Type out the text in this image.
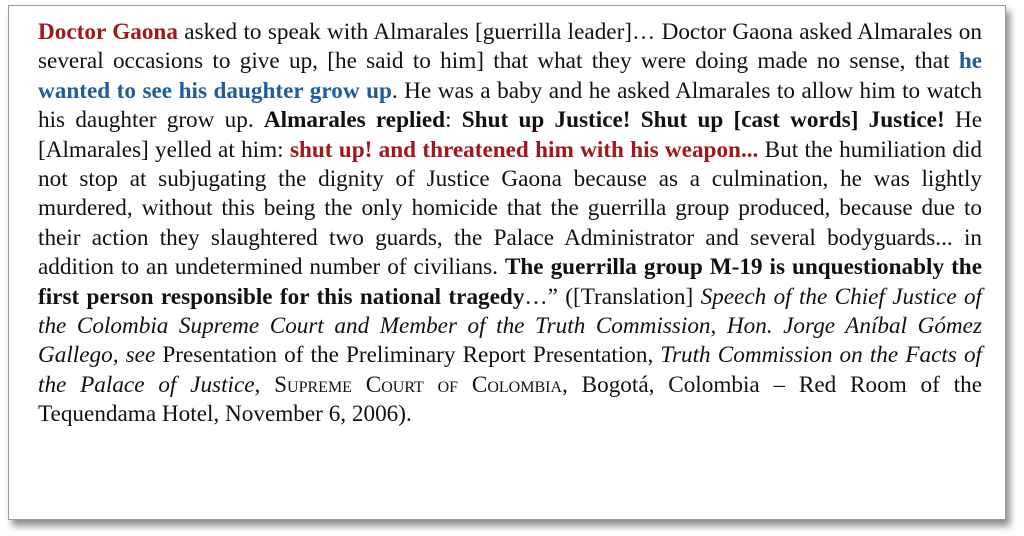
Doctor Gaona asked to speak with Almarales [guerrilla leader]… Doctor Gaona asked Almarales on several occasions to give up, [he said to him] that what they were doing made no sense, that he wanted to see his daughter grow up. He was a baby and he asked Almarales to allow him to watch his daughter grow up. Almarales replied: Shut up Justice! Shut up [cast words] Justice! He [Almarales] yelled at him: shut up! and threatened him with his weapon... But the humiliation did not stop at subjugating the dignity of Justice Gaona because as a culmination, he was lightly murdered, without this being the only homicide that the guerrilla group produced, because due to their action they slaughtered two guards, the Palace Administrator and several bodyguards... in addition to an undetermined number of civilians. The guerrilla group M-19 is unquestionably the first person responsible for this national tragedy…” ([Translation] Speech of the Chief Justice of the Colombia Supreme Court and Member of the Truth Commission, Hon. Jorge Aníbal Gómez Gallego, see Presentation of the Preliminary Report Presentation, Truth Commission on the Facts of the Palace of Justice, Supreme Court of Colombia, Bogotá, Colombia – Red Room of the Tequendama Hotel, November 6, 2006).
